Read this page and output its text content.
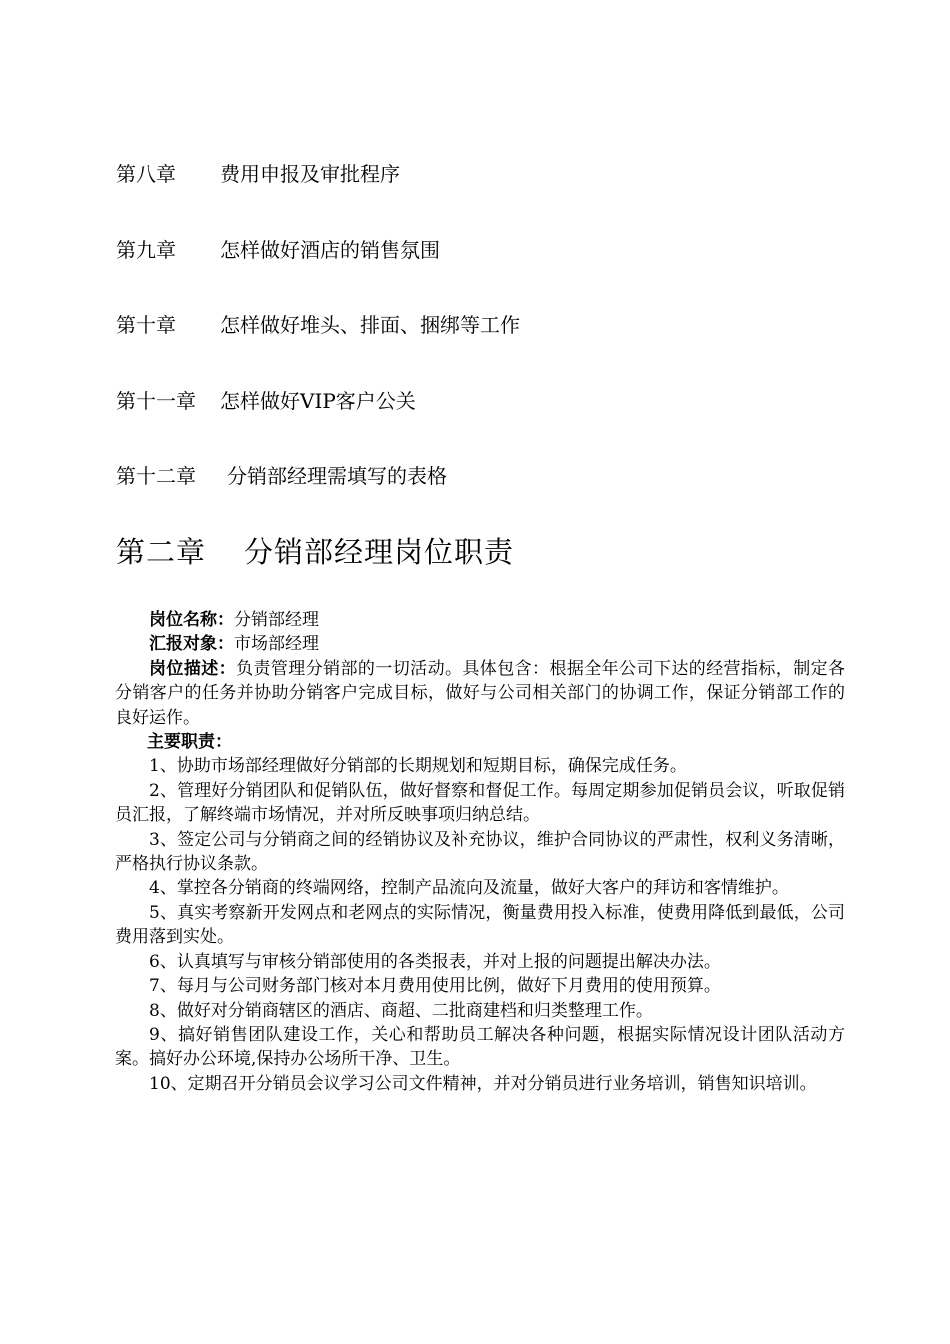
第八章 费用申报及审批程序
第九章 怎样做好酒店的销售氛围
第十章 怎样做好堆头、排面、捆绑等工作
第十一章 怎样做好VIP客户公关
第十二章 分销部经理需填写的表格
第二章 分销部经理岗位职责

岗位名称：分销部经理

汇报对象：市场部经理

岗位描述：负责管理分销部的一切活动。具体包含：根据全年公司下达的经营指标，制定各分销客户的任务并协助分销客户完成目标，做好与公司相关部门的协调工作，保证分销部工作的良好运作。

主要职责：

1、协助市场部经理做好分销部的长期规划和短期目标，确保完成任务。

2、管理好分销团队和促销队伍，做好督察和督促工作。每周定期参加促销员会议，听取促销员汇报，了解终端市场情况，并对所反映事项归纳总结。

3、签定公司与分销商之间的经销协议及补充协议，维护合同协议的严肃性，权利义务清晰，严格执行协议条款。

4、掌控各分销商的终端网络，控制产品流向及流量，做好大客户的拜访和客情维护。

5、真实考察新开发网点和老网点的实际情况，衡量费用投入标准，使费用降低到最低，公司费用落到实处。

6、认真填写与审核分销部使用的各类报表，并对上报的问题提出解决办法。

7、每月与公司财务部门核对本月费用使用比例，做好下月费用的使用预算。

8、做好对分销商辖区的酒店、商超、二批商建档和归类整理工作。

9、搞好销售团队建设工作，关心和帮助员工解决各种问题，根据实际情况设计团队活动方案。搞好办公环境,保持办公场所干净、卫生。

10、定期召开分销员会议学习公司文件精神，并对分销员进行业务培训，销售知识培训。
